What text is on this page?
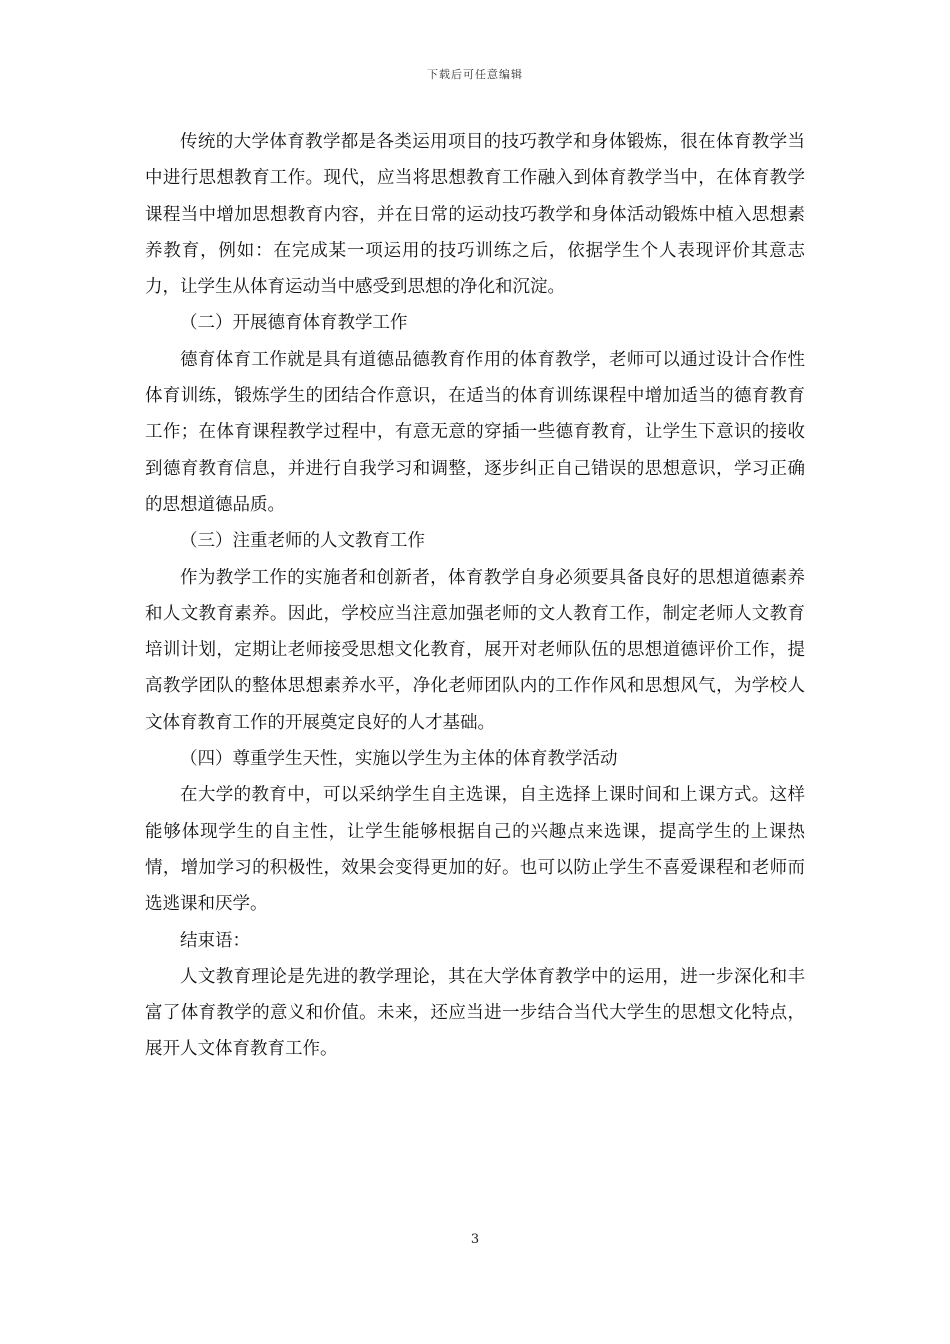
下载后可任意编辑

传统的大学体育教学都是各类运用项目的技巧教学和身体锻炼，很在体育教学当中进行思想教育工作。现代，应当将思想教育工作融入到体育教学当中，在体育教学课程当中增加思想教育内容，并在日常的运动技巧教学和身体活动锻炼中植入思想素养教育，例如：在完成某一项运用的技巧训练之后，依据学生个人表现评价其意志力，让学生从体育运动当中感受到思想的净化和沉淀。

（二）开展德育体育教学工作

德育体育工作就是具有道德品德教育作用的体育教学，老师可以通过设计合作性体育训练，锻炼学生的团结合作意识，在适当的体育训练课程中增加适当的德育教育工作；在体育课程教学过程中，有意无意的穿插一些德育教育，让学生下意识的接收到德育教育信息，并进行自我学习和调整，逐步纠正自己错误的思想意识，学习正确的思想道德品质。

（三）注重老师的人文教育工作

作为教学工作的实施者和创新者，体育教学自身必须要具备良好的思想道德素养和人文教育素养。因此，学校应当注意加强老师的文人教育工作，制定老师人文教育培训计划，定期让老师接受思想文化教育，展开对老师队伍的思想道德评价工作，提高教学团队的整体思想素养水平，净化老师团队内的工作作风和思想风气，为学校人文体育教育工作的开展奠定良好的人才基础。

（四）尊重学生天性，实施以学生为主体的体育教学活动

在大学的教育中，可以采纳学生自主选课，自主选择上课时间和上课方式。这样能够体现学生的自主性，让学生能够根据自己的兴趣点来选课，提高学生的上课热情，增加学习的积极性，效果会变得更加的好。也可以防止学生不喜爱课程和老师而选逃课和厌学。

结束语：

人文教育理论是先进的教学理论，其在大学体育教学中的运用，进一步深化和丰富了体育教学的意义和价值。未来，还应当进一步结合当代大学生的思想文化特点，展开人文体育教育工作。

3
